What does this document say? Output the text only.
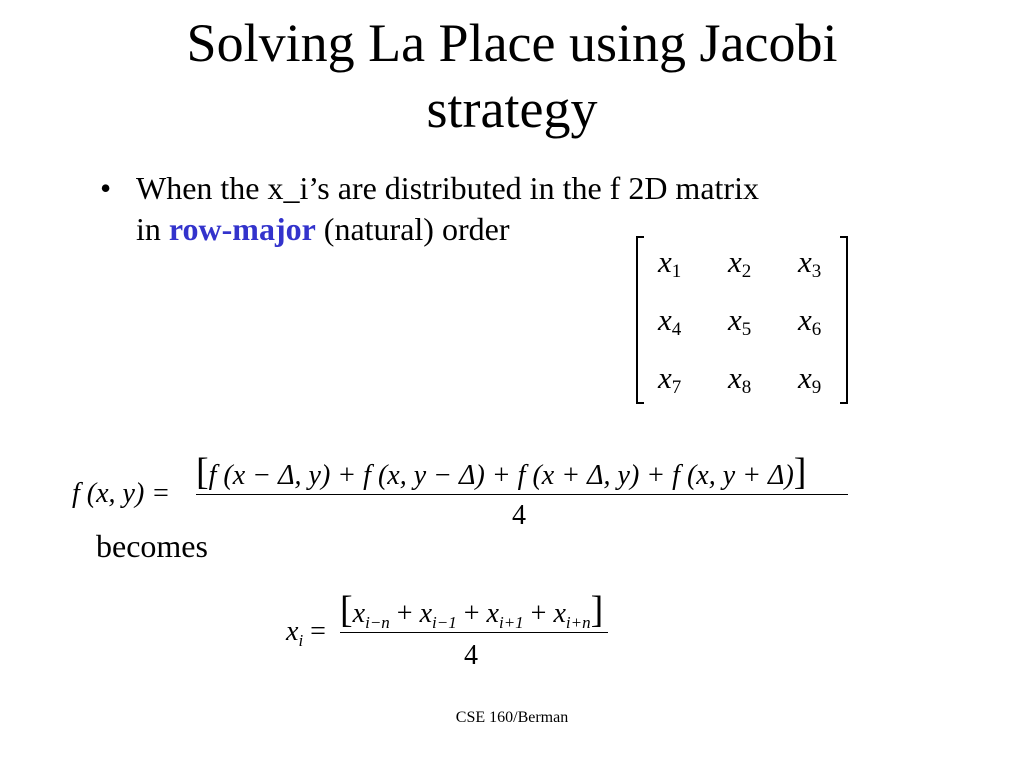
Solving La Place using Jacobi
strategy
• When the x_i’s are distributed in the f 2D matrix
in row-major (natural) order
$x_1$ $x_2$ $x_3$
$x_4$ $x_5$ $x_6$
$x_7$ $x_8$ $x_9$
f (x, y) =
[f (x − Δ, y) + f (x, y − Δ) + f (x + Δ, y) + f (x, y + Δ)]
4
becomes
$x_i$ =
$[x_{i-n} + x_{i-1} + x_{i+1} + x_{i+n}]$
4
CSE 160/Berman
